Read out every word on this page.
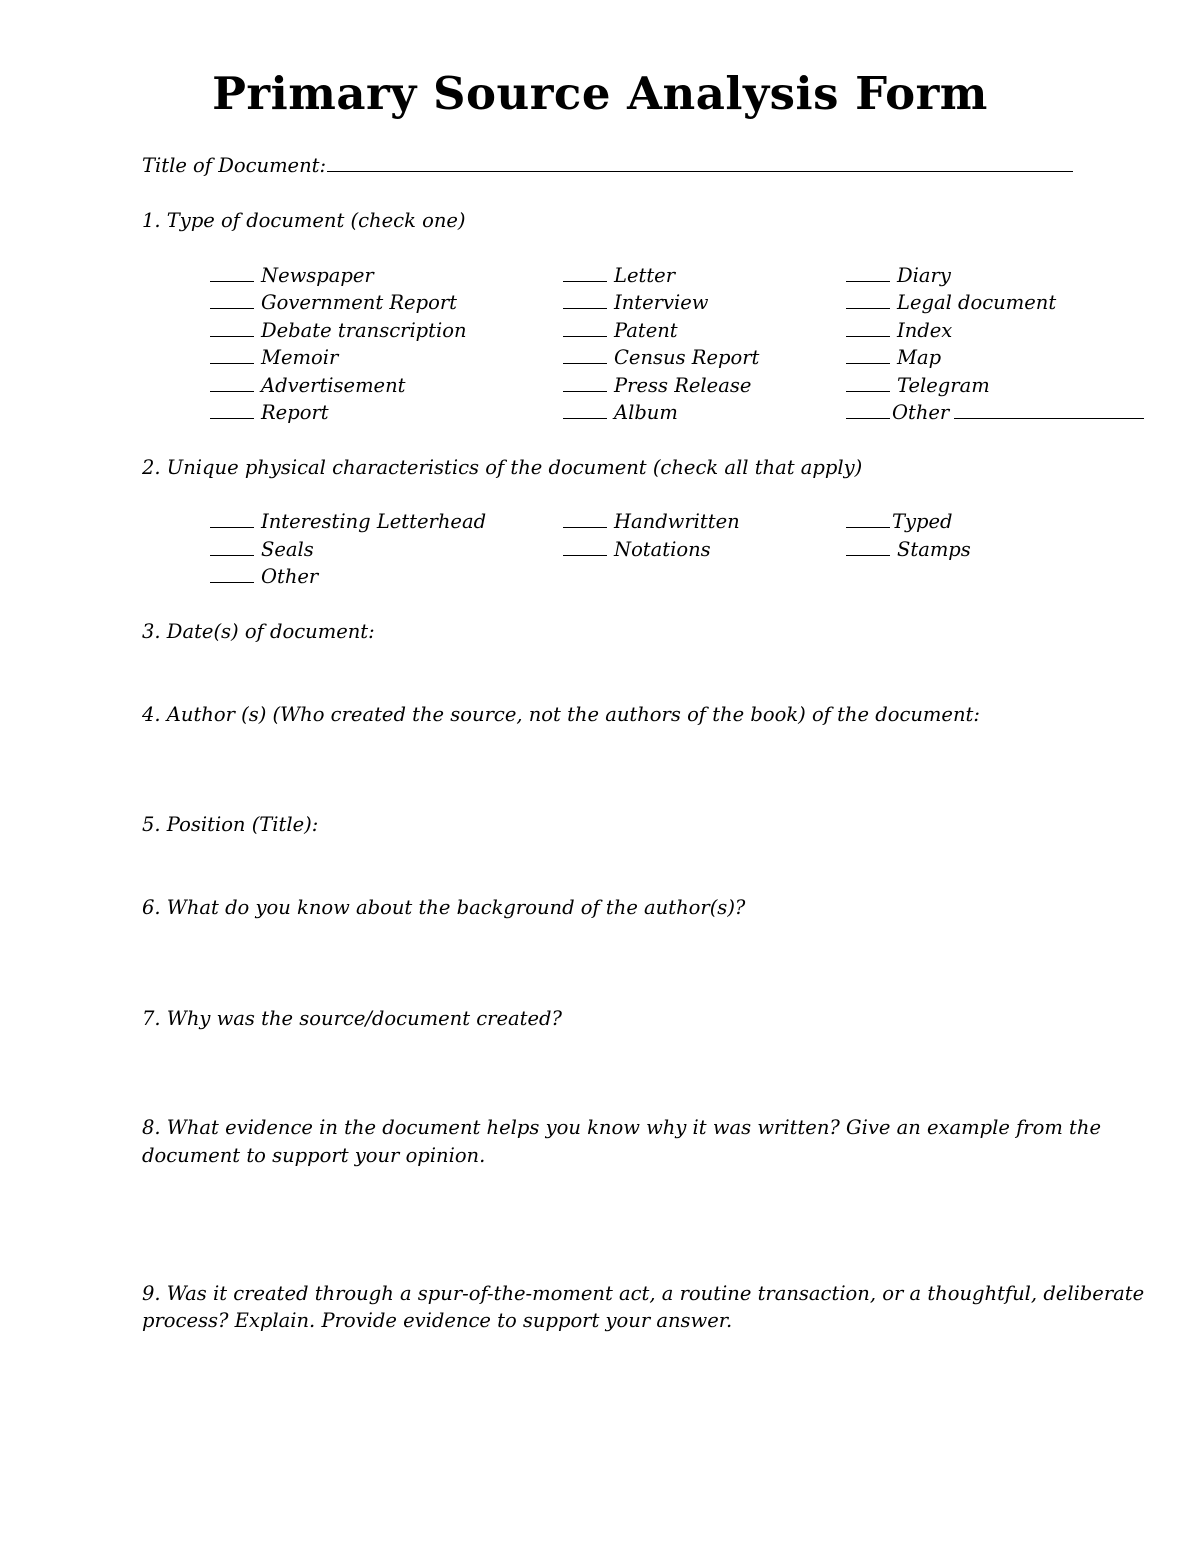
Primary Source Analysis Form
Title of Document:
1. Type of document (check one)
Newspaper	Letter	Diary
Government Report	Interview	Legal document
Debate transcription	Patent	Index
Memoir	Census Report	Map
Advertisement	Press Release	Telegram
Report	Album	Other
2. Unique physical characteristics of the document (check all that apply)
Interesting Letterhead	Handwritten	Typed
Seals	Notations	Stamps
Other
3. Date(s) of document:
4. Author (s) (Who created the source, not the authors of the book) of the document:
5. Position (Title):
6. What do you know about the background of the author(s)?
7. Why was the source/document created?
8. What evidence in the document helps you know why it was written? Give an example from the
document to support your opinion.
9. Was it created through a spur-of-the-moment act, a routine transaction, or a thoughtful, deliberate
process? Explain. Provide evidence to support your answer.
